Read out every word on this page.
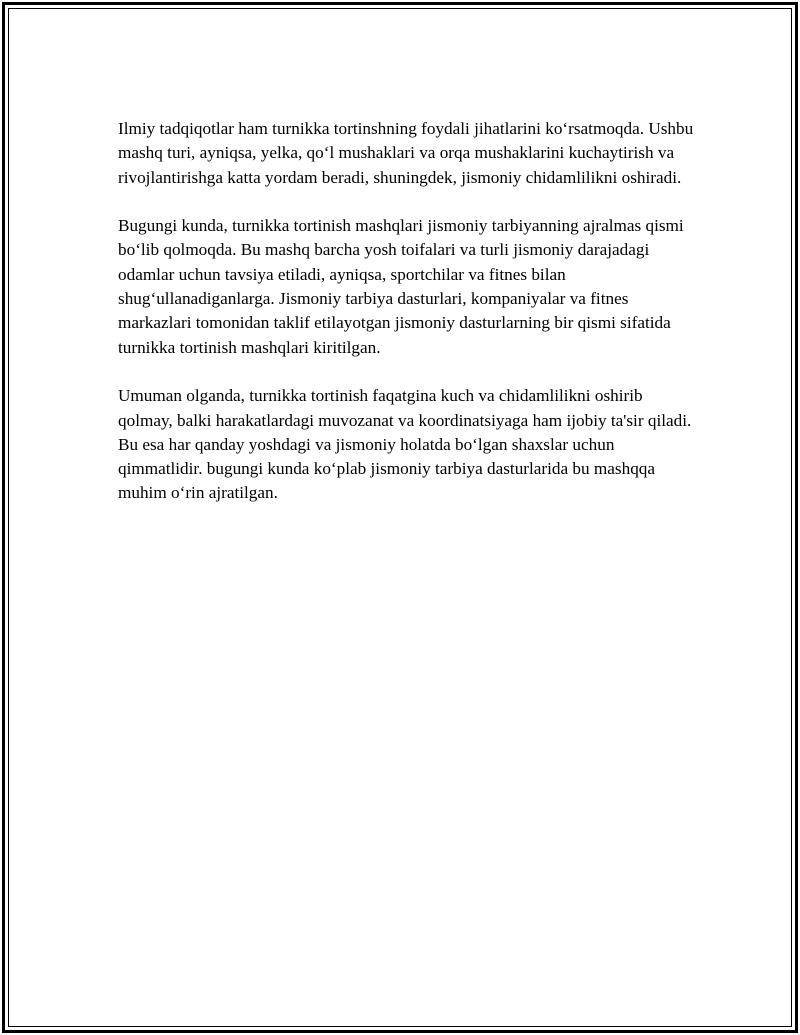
Ilmiy tadqiqotlar ham turnikka tortinshning foydali jihatlarini ko‘rsatmoqda. Ushbu mashq turi, ayniqsa, yelka, qo‘l mushaklari va orqa mushaklarini kuchaytirish va rivojlantirishga katta yordam beradi, shuningdek, jismoniy chidamlilikni oshiradi.

Bugungi kunda, turnikka tortinish mashqlari jismoniy tarbiyanning ajralmas qismi bo‘lib qolmoqda. Bu mashq barcha yosh toifalari va turli jismoniy darajadagi odamlar uchun tavsiya etiladi, ayniqsa, sportchilar va fitnes bilan shug‘ullanadiganlarga. Jismoniy tarbiya dasturlari, kompaniyalar va fitnes markazlari tomonidan taklif etilayotgan jismoniy dasturlarning bir qismi sifatida turnikka tortinish mashqlari kiritilgan.

Umuman olganda, turnikka tortinish faqatgina kuch va chidamlilikni oshirib qolmay, balki harakatlardagi muvozanat va koordinatsiyaga ham ijobiy ta'sir qiladi. Bu esa har qanday yoshdagi va jismoniy holatda bo‘lgan shaxslar uchun qimmatlidir. bugungi kunda ko‘plab jismoniy tarbiya dasturlarida bu mashqqa muhim o‘rin ajratilgan.
